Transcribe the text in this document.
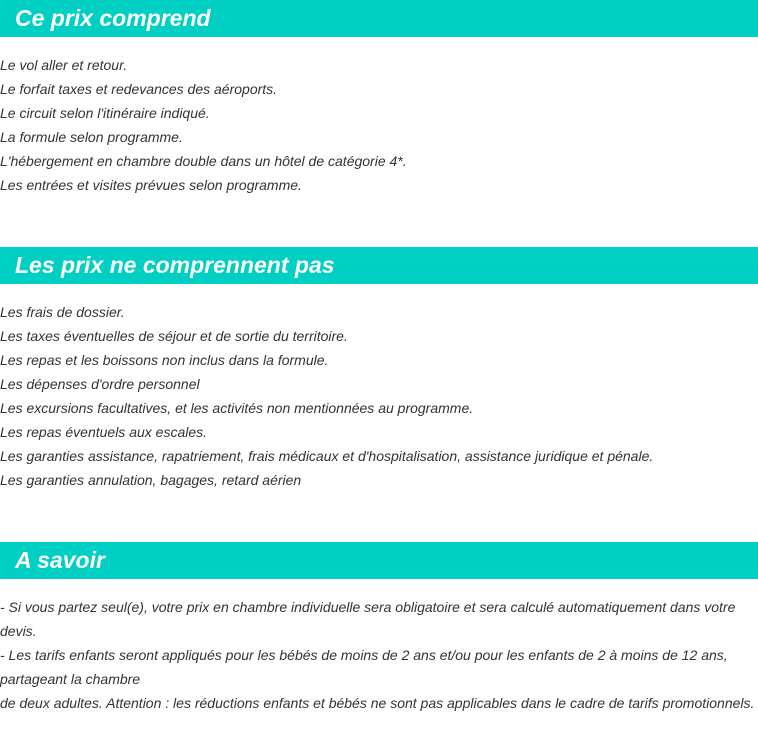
Ce prix comprend
Le vol aller et retour.
Le forfait taxes et redevances des aéroports.
Le circuit selon l'itinéraire indiqué.
La formule selon programme.
L'hébergement en chambre double dans un hôtel de catégorie 4*.
Les entrées et visites prévues selon programme.
Les prix ne comprennent pas
Les frais de dossier.
Les taxes éventuelles de séjour et de sortie du territoire.
Les repas et les boissons non inclus dans la formule.
Les dépenses d'ordre personnel
Les excursions facultatives, et les activités non mentionnées au programme.
Les repas éventuels aux escales.
Les garanties assistance, rapatriement, frais médicaux et d'hospitalisation, assistance juridique et pénale.
Les garanties annulation, bagages, retard aérien
A savoir

- Si vous partez seul(e), votre prix en chambre individuelle sera obligatoire et sera calculé automatiquement dans votre devis.

- Les tarifs enfants seront appliqués pour les bébés de moins de 2 ans et/ou pour les enfants de 2 à moins de 12 ans, partageant la chambre

de deux adultes. Attention : les réductions enfants et bébés ne sont pas applicables dans le cadre de tarifs promotionnels.
